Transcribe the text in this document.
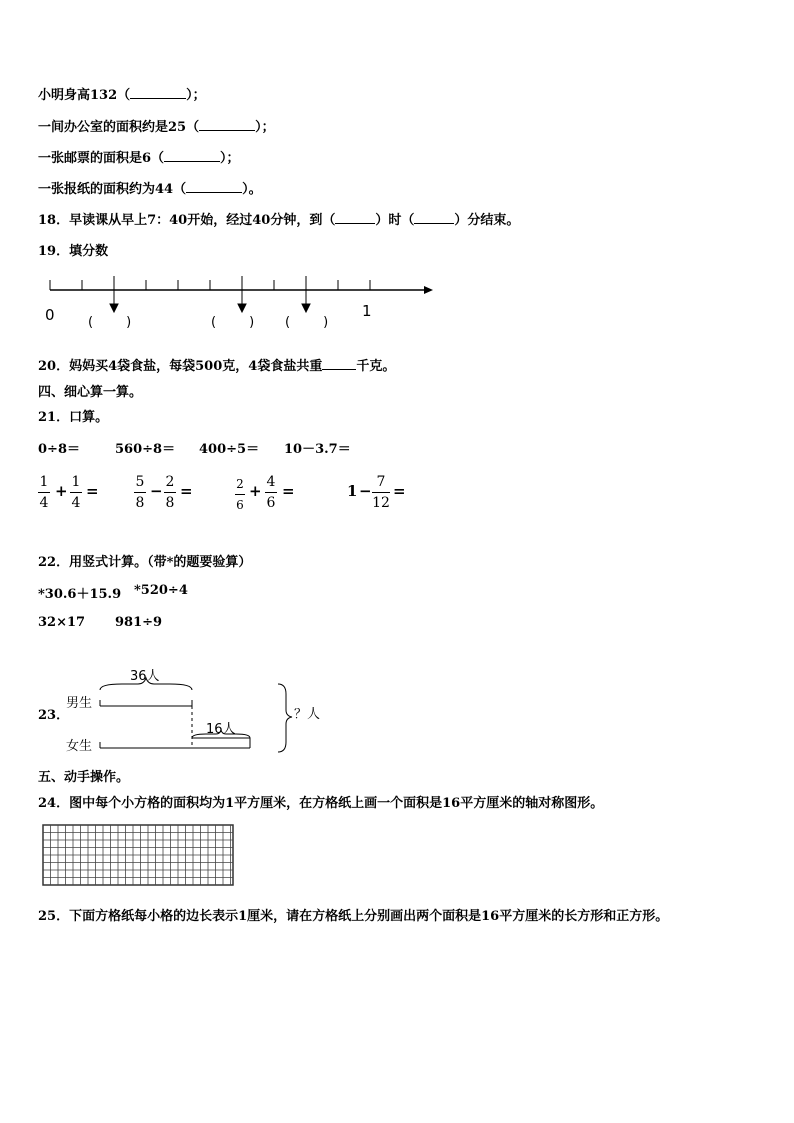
小明身高132（	）；
一间办公室的面积约是25（	）；
一张邮票的面积是6（	）；
一张报纸的面积约为44（	）。
18．早读课从早上7：40开始，经过40分钟，到（	）时（	）分结束。
19．填分数
0	1
(        )	(        ) (        )
20．妈妈买4袋食盐，每袋500克，4袋食盐共重	千克。
四、细心算一算。
21．口算。
0÷8＝	560÷8＝ 400÷5＝ 10－3.7＝
1
4
+ 1
4
=	5
8
− 2
8
=	2
6
+ 4
6
=	1 − 7
12
=
22．用竖式计算。（带*的题要验算）
*30.6＋15.9 *520÷4
32×17 981÷9
23．
男生
女生
36人
16人
？人
五、动手操作。
24．图中每个小方格的面积均为1平方厘米，在方格纸上画一个面积是16平方厘米的轴对称图形。
25．下面方格纸每小格的边长表示1厘米，请在方格纸上分别画出两个面积是16平方厘米的长方形和正方形。
